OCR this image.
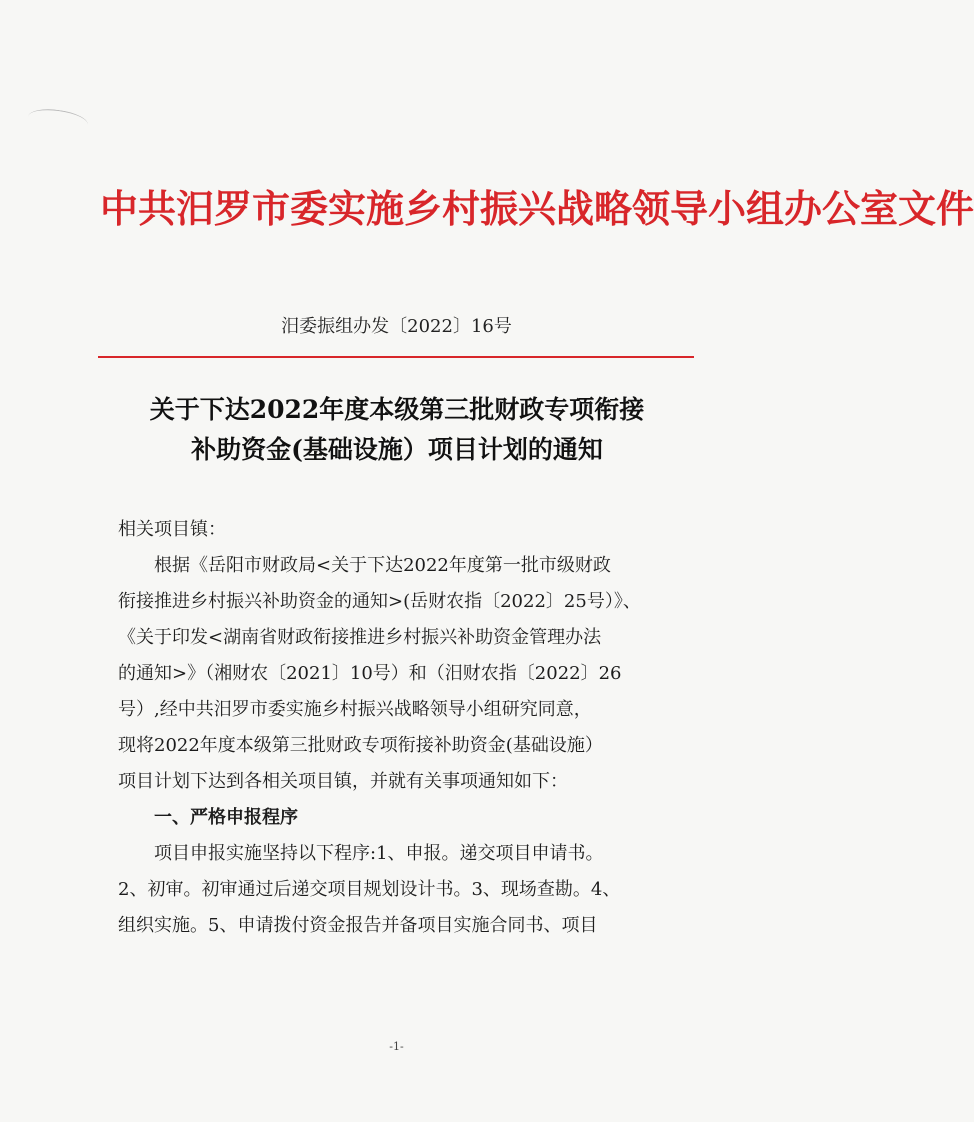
中共汨罗市委实施乡村振兴战略领导小组办公室文件
汨委振组办发〔2022〕16号
关于下达2022年度本级第三批财政专项衔接
补助资金(基础设施）项目计划的通知
相关项目镇：
根据《岳阳市财政局<关于下达2022年度第一批市级财政
衔接推进乡村振兴补助资金的通知>(岳财农指〔2022〕25号）》、
《关于印发<湖南省财政衔接推进乡村振兴补助资金管理办法
的通知>》（湘财农〔2021〕10号）和（汨财农指〔2022〕26
号）,经中共汨罗市委实施乡村振兴战略领导小组研究同意，
现将2022年度本级第三批财政专项衔接补助资金(基础设施）
项目计划下达到各相关项目镇，并就有关事项通知如下：
一、严格申报程序
项目申报实施坚持以下程序:1、申报。递交项目申请书。
2、初审。初审通过后递交项目规划设计书。3、现场查勘。4、
组织实施。5、申请拨付资金报告并备项目实施合同书、项目
-1-
